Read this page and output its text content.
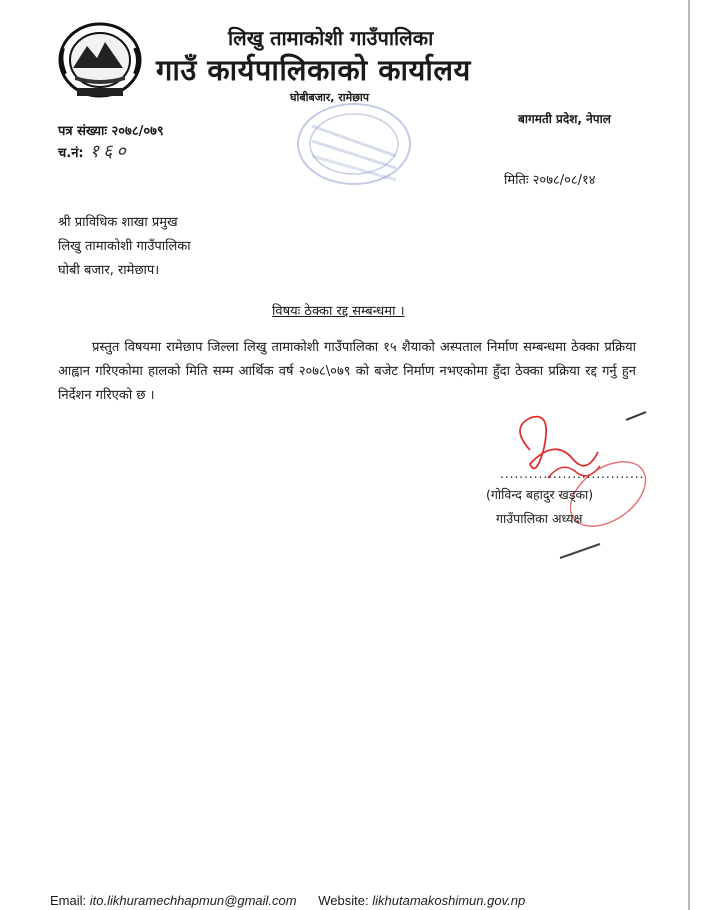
लिखु तामाकोशी गाउँपालिका
गाउँ कार्यपालिकाको कार्यालय
घोबीबजार, रामेछाप
बागमती प्रदेश, नेपाल
पत्र संख्याः २०७८/०७९
च.नं: १६०
मितिः २०७८/०८/१४
श्री प्राविधिक शाखा प्रमुख
लिखु तामाकोशी गाउँपालिका
घोबी बजार, रामेछाप।
विषयः ठेक्का रद्द सम्बन्धमा ।
प्रस्तुत विषयमा रामेछाप जिल्ला लिखु तामाकोशी गाउँपालिका १५ शैयाको अस्पताल निर्माण सम्बन्धमा ठेक्का प्रक्रिया आह्वान गरिएकोमा हालको मिति सम्म आर्थिक वर्ष २०७८\०७९ को बजेट निर्माण नभएकोमा हुँदा ठेक्का प्रक्रिया रद्द गर्नु हुन निर्देशन गरिएको छ ।
..............................
(गोविन्द बहादुर खड्का)
गाउँपालिका अध्यक्ष
Email: ito.likhuramechhapmun@gmail.com Website: likhutamakoshimun.gov.np
